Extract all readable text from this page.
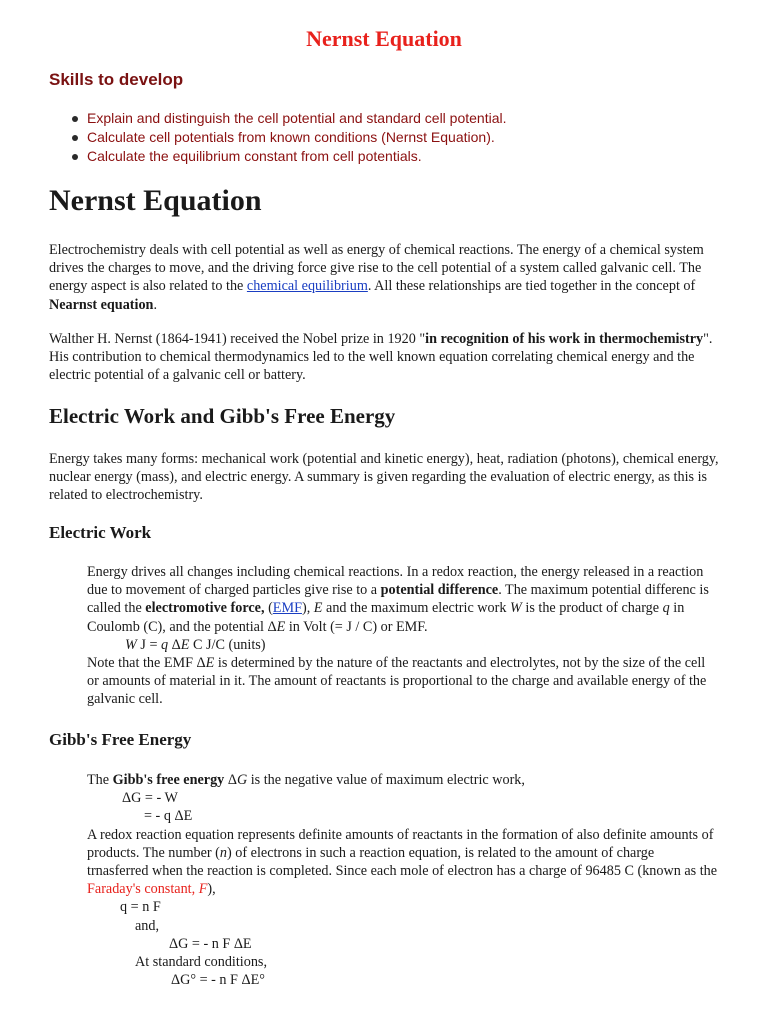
Nernst Equation
Skills to develop
Explain and distinguish the cell potential and standard cell potential.
Calculate cell potentials from known conditions (Nernst Equation).
Calculate the equilibrium constant from cell potentials.
Nernst Equation

Electrochemistry deals with cell potential as well as energy of chemical reactions. The energy of a chemical system drives the charges to move, and the driving force give rise to the cell potential of a system called galvanic cell. The energy aspect is also related to the chemical equilibrium. All these relationships are tied together in the concept of Nearnst equation.

Walther H. Nernst (1864-1941) received the Nobel prize in 1920 "in recognition of his work in thermochemistry". His contribution to chemical thermodynamics led to the well known equation correlating chemical energy and the electric potential of a galvanic cell or battery.

Electric Work and Gibb's Free Energy

Energy takes many forms: mechanical work (potential and kinetic energy), heat, radiation (photons), chemical energy, nuclear energy (mass), and electric energy. A summary is given regarding the evaluation of electric energy, as this is related to electrochemistry.

Electric Work
Energy drives all changes including chemical reactions. In a redox reaction, the energy released in a reaction due to movement of charged particles give rise to a potential difference. The maximum potential differenc is called the electromotive force, (EMF), E and the maximum electric work W is the product of charge q in Coulomb (C), and the potential ΔE in Volt (= J / C) or EMF.
W J = q ΔE C J/C (units)
Note that the EMF ΔE is determined by the nature of the reactants and electrolytes, not by the size of the cell or amounts of material in it. The amount of reactants is proportional to the charge and available energy of the galvanic cell.
Gibb's Free Energy
The Gibb's free energy ΔG is the negative value of maximum electric work,
ΔG = - W
= - q ΔE
A redox reaction equation represents definite amounts of reactants in the formation of also definite amounts of products. The number (n) of electrons in such a reaction equation, is related to the amount of charge trnasferred when the reaction is completed. Since each mole of electron has a charge of 96485 C (known as the Faraday's constant, F),
q = n F
and,
ΔG = - n F ΔE
At standard conditions,
ΔG° = - n F ΔE°
